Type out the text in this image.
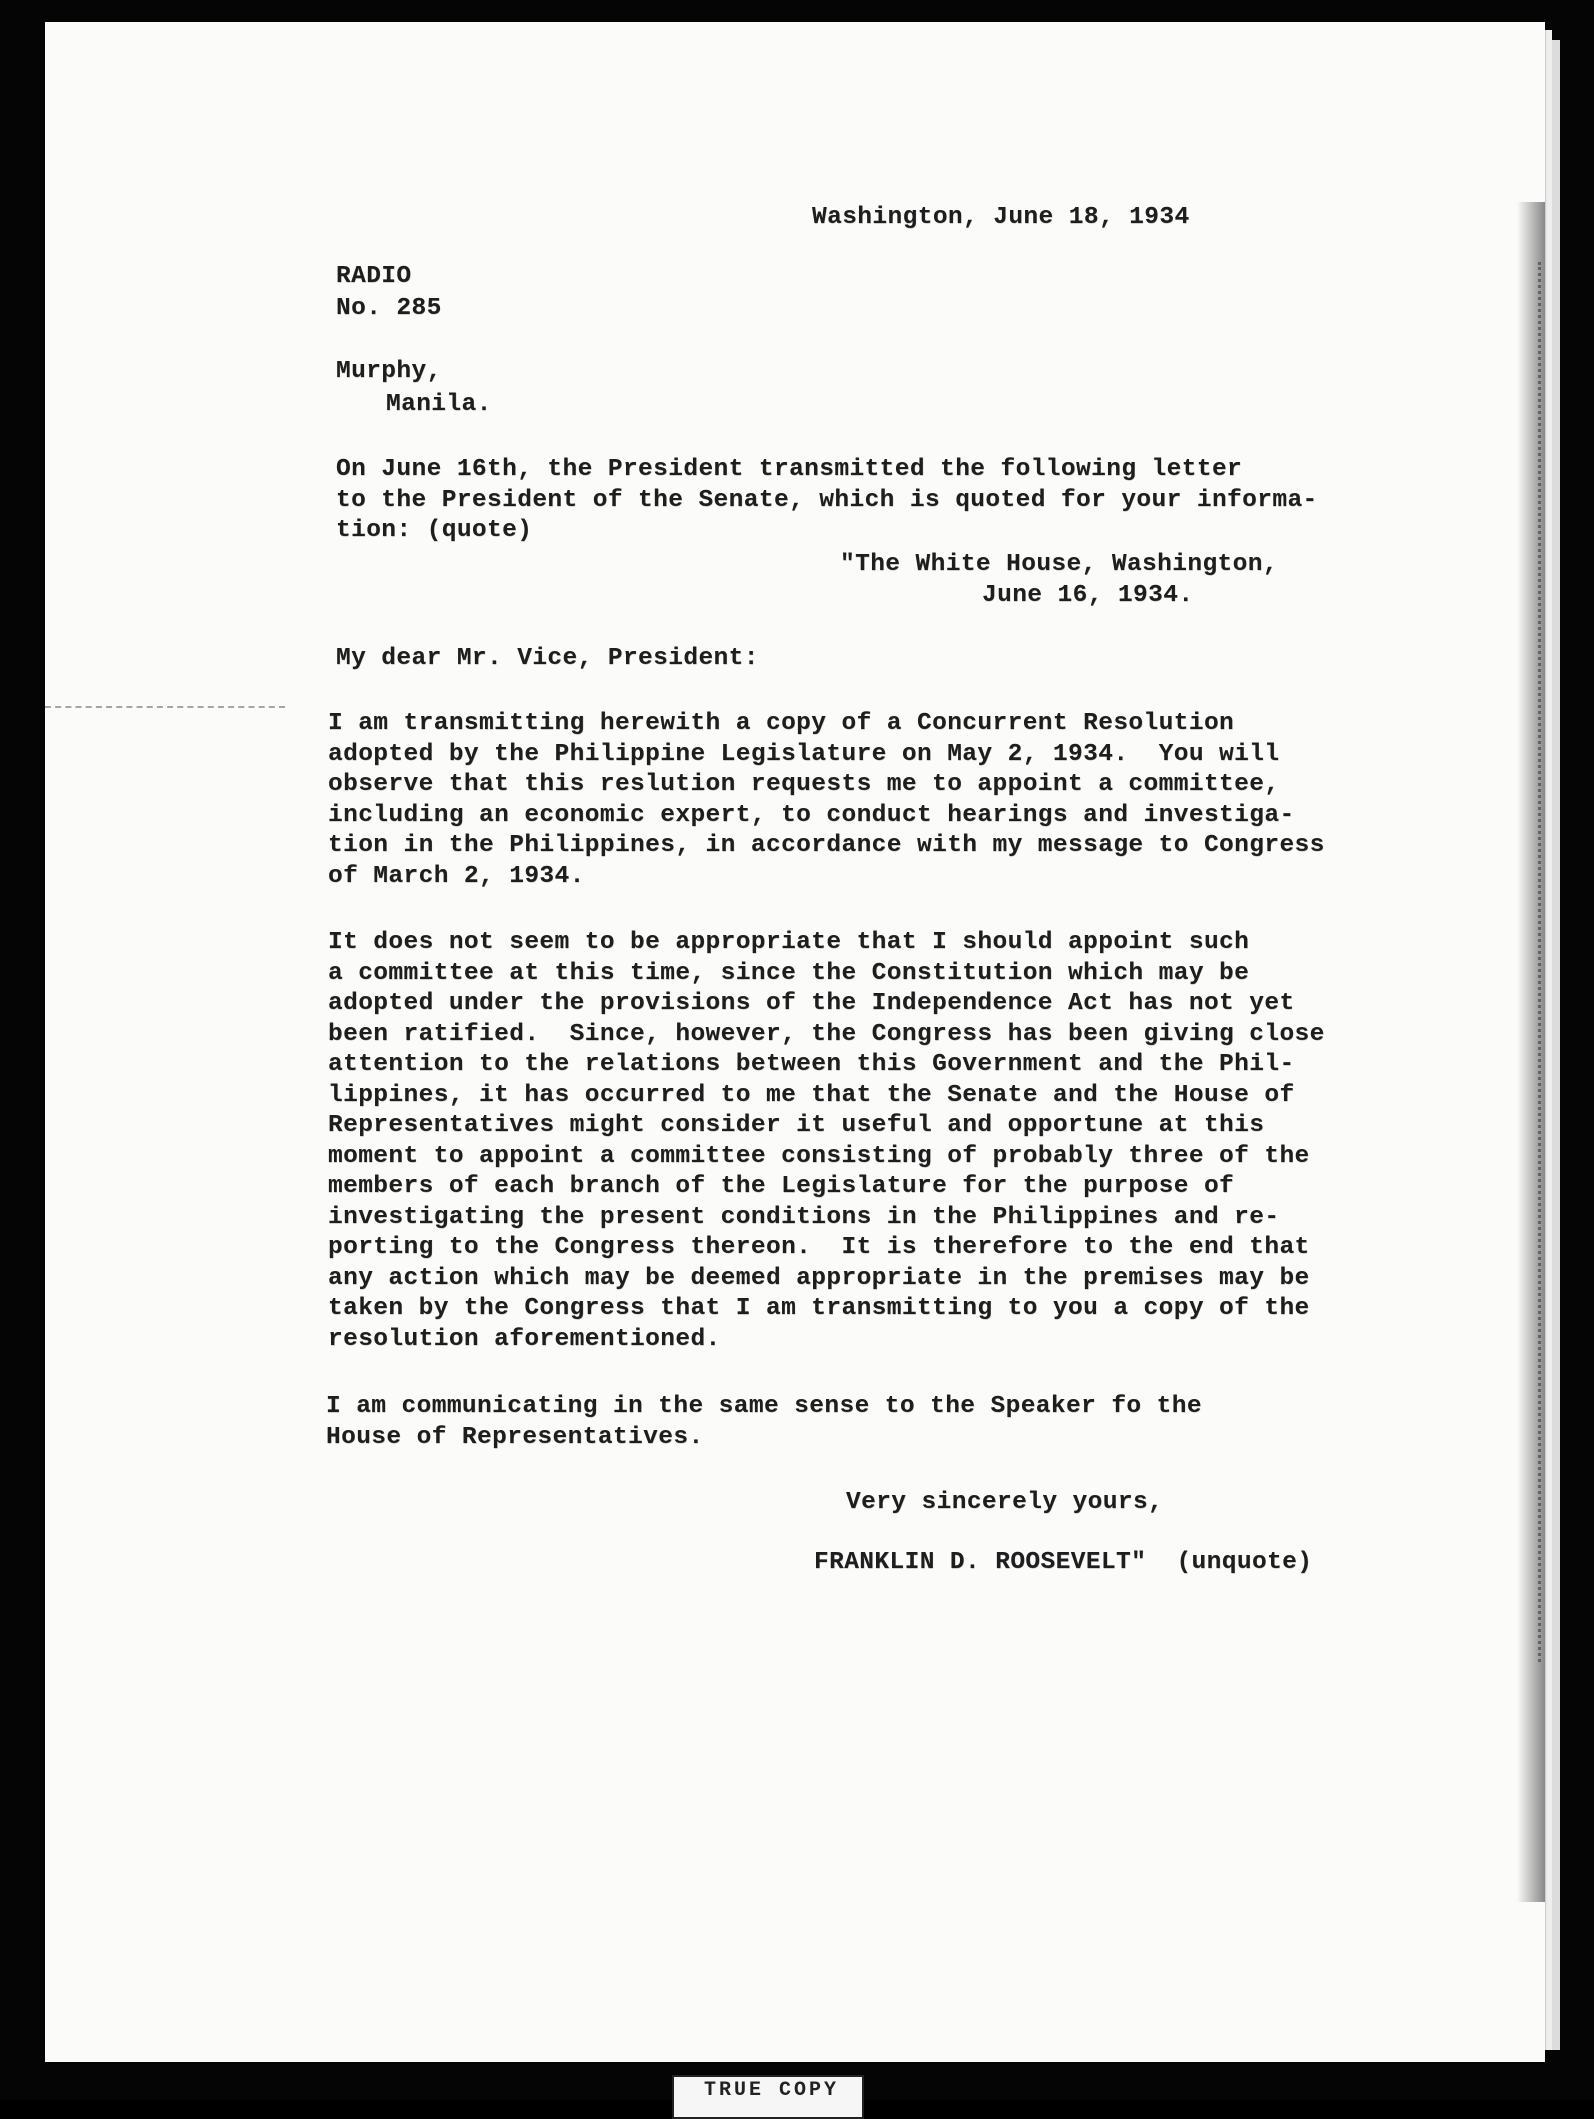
Washington, June 18, 1934
RADIO
No. 285
Murphy,
Manila.
On June 16th, the President transmitted the following letter
to the President of the Senate, which is quoted for your informa-
tion: (quote)
"The White House, Washington,
June 16, 1934.
My dear Mr. Vice, President:
I am transmitting herewith a copy of a Concurrent Resolution
adopted by the Philippine Legislature on May 2, 1934.  You will
observe that this reslution requests me to appoint a committee,
including an economic expert, to conduct hearings and investiga-
tion in the Philippines, in accordance with my message to Congress
of March 2, 1934.
It does not seem to be appropriate that I should appoint such
a committee at this time, since the Constitution which may be
adopted under the provisions of the Independence Act has not yet
been ratified.  Since, however, the Congress has been giving close
attention to the relations between this Government and the Phil-
lippines, it has occurred to me that the Senate and the House of
Representatives might consider it useful and opportune at this
moment to appoint a committee consisting of probably three of the
members of each branch of the Legislature for the purpose of
investigating the present conditions in the Philippines and re-
porting to the Congress thereon.  It is therefore to the end that
any action which may be deemed appropriate in the premises may be
taken by the Congress that I am transmitting to you a copy of the
resolution aforementioned.
I am communicating in the same sense to the Speaker fo the
House of Representatives.
Very sincerely yours,
FRANKLIN D. ROOSEVELT"  (unquote)
TRUE COPY
